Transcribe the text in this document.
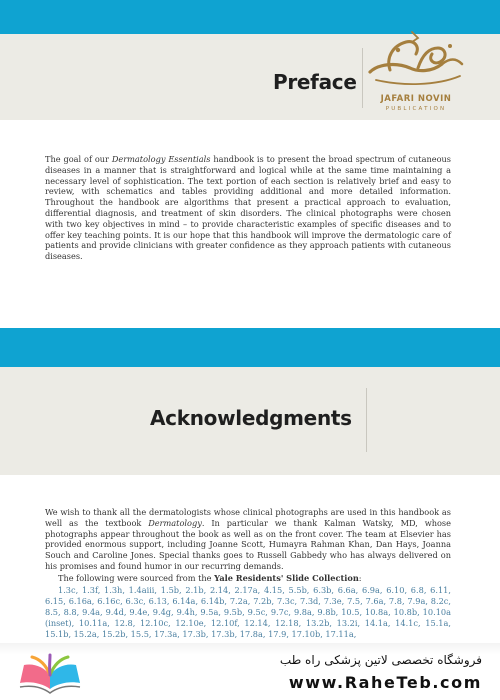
Preface
JAFARI NOVIN
PUBLICATION

The goal of our Dermatology Essentials handbook is to present the broad spectrum of cutaneous diseases in a manner that is straightforward and logical while at the same time maintaining a necessary level of sophistication. The text portion of each section is relatively brief and easy to review, with schematics and tables providing additional and more detailed information. Throughout the handbook are algorithms that present a practical approach to evaluation, differential diagnosis, and treatment of skin disorders. The clinical photographs were chosen with two key objectives in mind – to provide characteristic examples of specific diseases and to offer key teaching points. It is our hope that this handbook will improve the dermatologic care of patients and provide clinicians with greater confidence as they approach patients with cutaneous diseases.

Acknowledgments

We wish to thank all the dermatologists whose clinical photographs are used in this handbook as well as the textbook Dermatology. In particular we thank Kalman Watsky, MD, whose photographs appear throughout the book as well as on the front cover. The team at Elsevier has provided enormous support, including Joanne Scott, Humayra Rahman Khan, Dan Hays, Joanna Souch and Caroline Jones. Special thanks goes to Russell Gabbedy who has always delivered on his promises and found humor in our recurring demands.

The following were sourced from the Yale Residents' Slide Collection:

1.3c, 1.3f, 1.3h, 1.4aiii, 1.5b, 2.1b, 2.14, 2.17a, 4.15, 5.5b, 6.3b, 6.6a, 6.9a, 6.10, 6.8, 6.11, 6.15, 6.16a, 6.16c, 6.3c, 6.13, 6.14a, 6.14b, 7.2a, 7.2b, 7.3c, 7.3d, 7.3e, 7.5, 7.6a, 7.8, 7.9a, 8.2c, 8.5, 8.8, 9.4a, 9.4d, 9.4e, 9.4g, 9.4h, 9.5a, 9.5b, 9.5c, 9.7c, 9.8a, 9.8b, 10.5, 10.8a, 10.8b, 10.10a (inset), 10.11a, 12.8, 12.10c, 12.10e, 12.10f, 12.14, 12.18, 13.2b, 13.2i, 14.1a, 14.1c, 15.1a, 15.1b, 15.2a, 15.2b, 15.5, 17.3a, 17.3b, 17.3b, 17.8a, 17.9, 17.10b, 17.11a,

فروشگاه تخصصی لاتین پزشکی راه طب

www.RaheTeb.com
